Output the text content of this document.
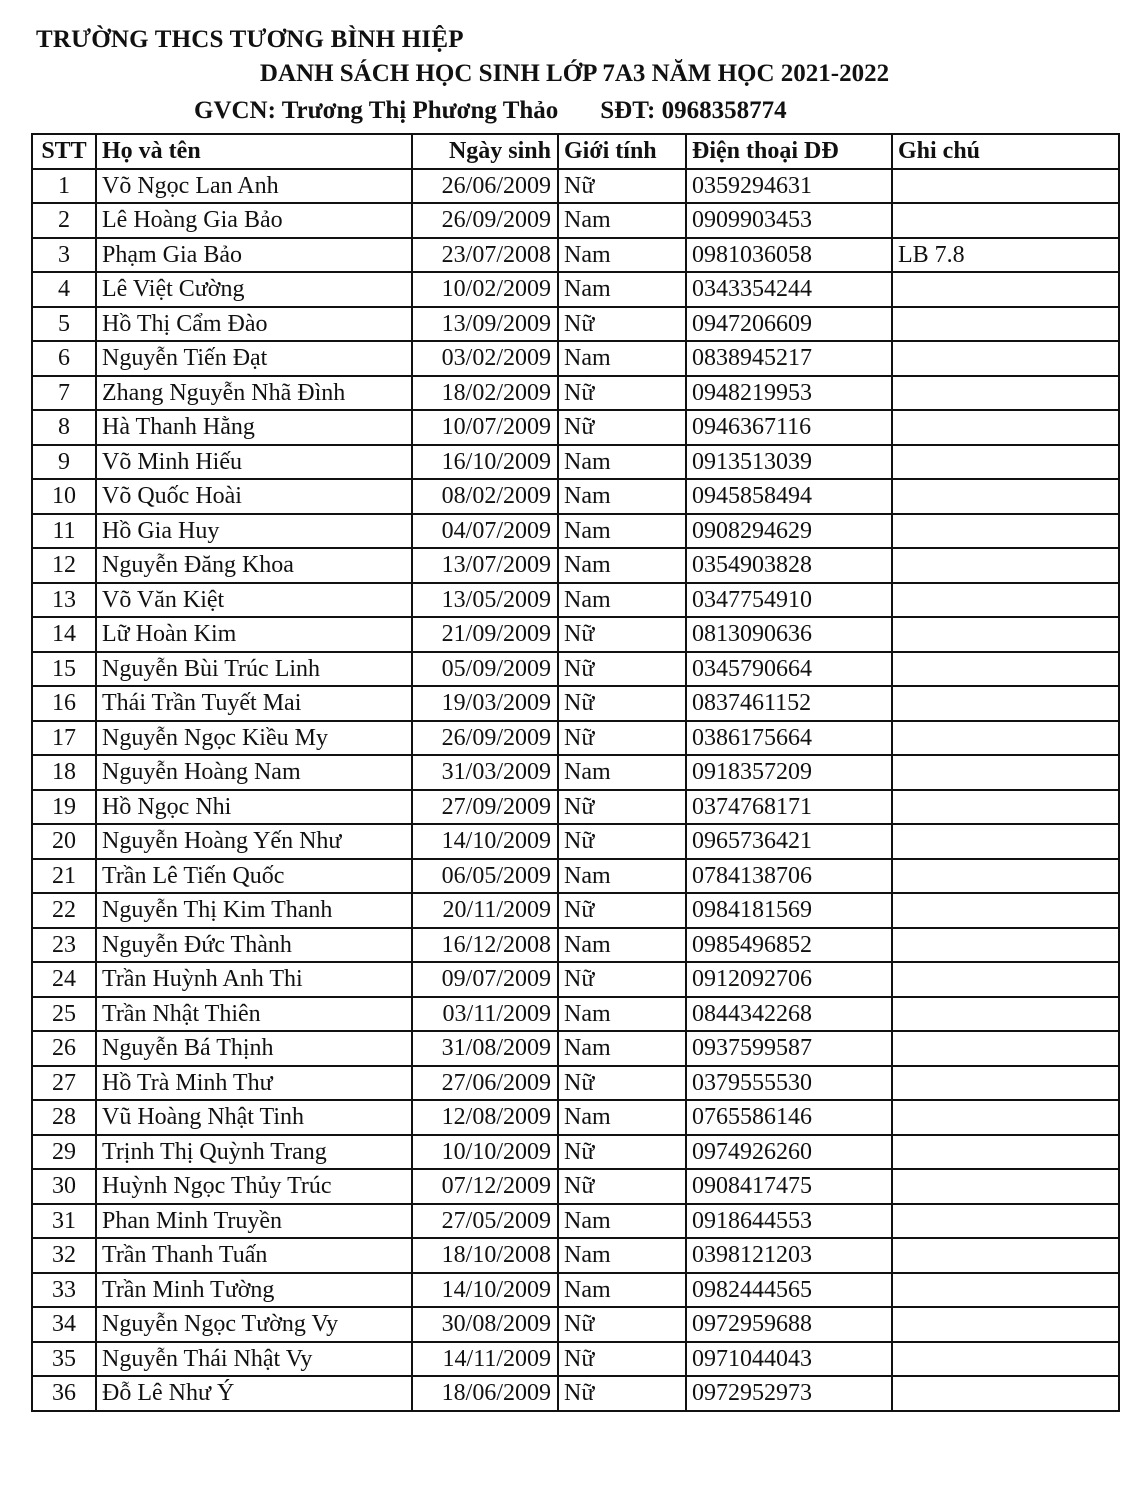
TRƯỜNG THCS TƯƠNG BÌNH HIỆP
DANH SÁCH HỌC SINH LỚP 7A3 NĂM HỌC 2021-2022
GVCN: Trương Thị Phương Thảo SĐT: 0968358774
STT	Họ và tên	Ngày sinh	Giới tính	Điện thoại DĐ	Ghi chú
1	Võ Ngọc Lan Anh	26/06/2009	Nữ	0359294631	
2	Lê Hoàng Gia Bảo	26/09/2009	Nam	0909903453	
3	Phạm Gia Bảo	23/07/2008	Nam	0981036058	LB 7.8
4	Lê Việt Cường	10/02/2009	Nam	0343354244	
5	Hồ Thị Cẩm Đào	13/09/2009	Nữ	0947206609	
6	Nguyễn Tiến Đạt	03/02/2009	Nam	0838945217	
7	Zhang Nguyễn Nhã Đình	18/02/2009	Nữ	0948219953	
8	Hà Thanh Hằng	10/07/2009	Nữ	0946367116	
9	Võ Minh Hiếu	16/10/2009	Nam	0913513039	
10	Võ Quốc Hoài	08/02/2009	Nam	0945858494	
11	Hồ Gia Huy	04/07/2009	Nam	0908294629	
12	Nguyễn Đăng Khoa	13/07/2009	Nam	0354903828	
13	Võ Văn Kiệt	13/05/2009	Nam	0347754910	
14	Lữ Hoàn Kim	21/09/2009	Nữ	0813090636	
15	Nguyễn Bùi Trúc Linh	05/09/2009	Nữ	0345790664	
16	Thái Trần Tuyết Mai	19/03/2009	Nữ	0837461152	
17	Nguyễn Ngọc Kiều My	26/09/2009	Nữ	0386175664	
18	Nguyễn Hoàng Nam	31/03/2009	Nam	0918357209	
19	Hồ Ngọc Nhi	27/09/2009	Nữ	0374768171	
20	Nguyễn Hoàng Yến Như	14/10/2009	Nữ	0965736421	
21	Trần Lê Tiến Quốc	06/05/2009	Nam	0784138706	
22	Nguyễn Thị Kim Thanh	20/11/2009	Nữ	0984181569	
23	Nguyễn Đức Thành	16/12/2008	Nam	0985496852	
24	Trần Huỳnh Anh Thi	09/07/2009	Nữ	0912092706	
25	Trần Nhật Thiên	03/11/2009	Nam	0844342268	
26	Nguyễn Bá Thịnh	31/08/2009	Nam	0937599587	
27	Hồ Trà Minh Thư	27/06/2009	Nữ	0379555530	
28	Vũ Hoàng Nhật Tinh	12/08/2009	Nam	0765586146	
29	Trịnh Thị Quỳnh Trang	10/10/2009	Nữ	0974926260	
30	Huỳnh Ngọc Thủy Trúc	07/12/2009	Nữ	0908417475	
31	Phan Minh Truyền	27/05/2009	Nam	0918644553	
32	Trần Thanh Tuấn	18/10/2008	Nam	0398121203	
33	Trần Minh Tường	14/10/2009	Nam	0982444565	
34	Nguyễn Ngọc Tường Vy	30/08/2009	Nữ	0972959688	
35	Nguyễn Thái Nhật Vy	14/11/2009	Nữ	0971044043	
36	Đỗ Lê Như Ý	18/06/2009	Nữ	0972952973	
